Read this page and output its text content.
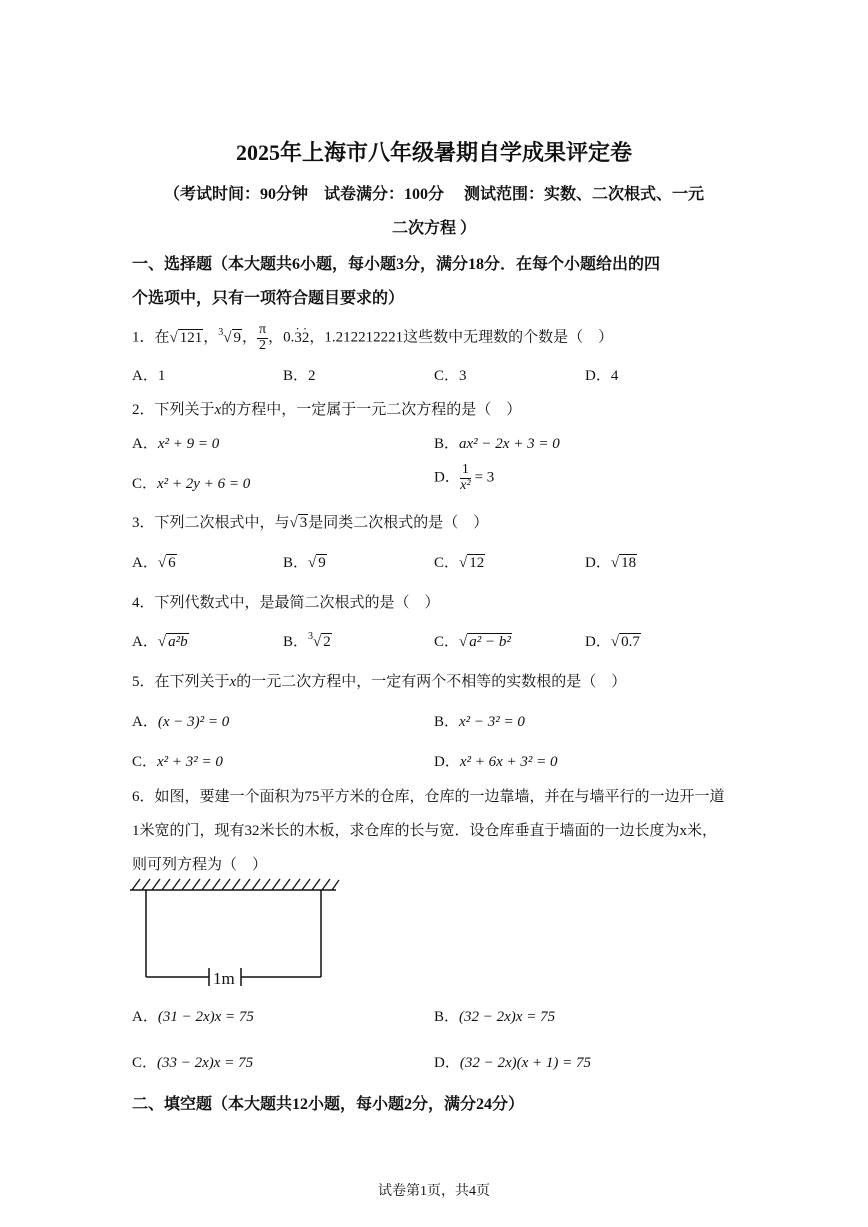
2025年上海市八年级暑期自学成果评定卷
（考试时间：90分钟　试卷满分：100分　 测试范围：实数、二次根式、一元
二次方程 ）
一、选择题（本大题共6小题，每小题3分，满分18分．在每个小题给出的四
个选项中，只有一项符合题目要求的）
1．在√ 121，$^3$√ 9， $\frac{\pi}{2}$ ，0.· 3· 2，1.212212221这些数中无理数的个数是（　）
A．1	B．2	C．3	D．4
2．下列关于x的方程中，一定属于一元二次方程的是（　）
A．x² + 9 = 0	B．ax² − 2x + 3 = 0
C．x² + 2y + 6 = 0	D． $\frac{1}{\text{x²}} = 3$
3．下列二次根式中，与√ 3是同类二次根式的是（　）
A．√ 6	B．√ 9	C．√ 12	D．√ 18
4．下列代数式中，是最简二次根式的是（　）
A．√ a²b	B．$^3$√ 2	C．√ a² − b²	D．√ 0.7
5．在下列关于x的一元二次方程中，一定有两个不相等的实数根的是（　）
A．(x − 3)² = 0	B．x² − 3² = 0
C．x² + 3² = 0	D．x² + 6x + 3² = 0
6．如图，要建一个面积为75平方米的仓库，仓库的一边靠墙，并在与墙平行的一边开一道
1米宽的门，现有32米长的木板，求仓库的长与宽．设仓库垂直于墙面的一边长度为x米，
则可列方程为（　）
1m
A．(31 − 2x)x = 75	B．(32 − 2x)x = 75
C．(33 − 2x)x = 75	D．(32 − 2x)(x + 1) = 75
二、填空题（本大题共12小题，每小题2分，满分24分）
试卷第1页，共4页
